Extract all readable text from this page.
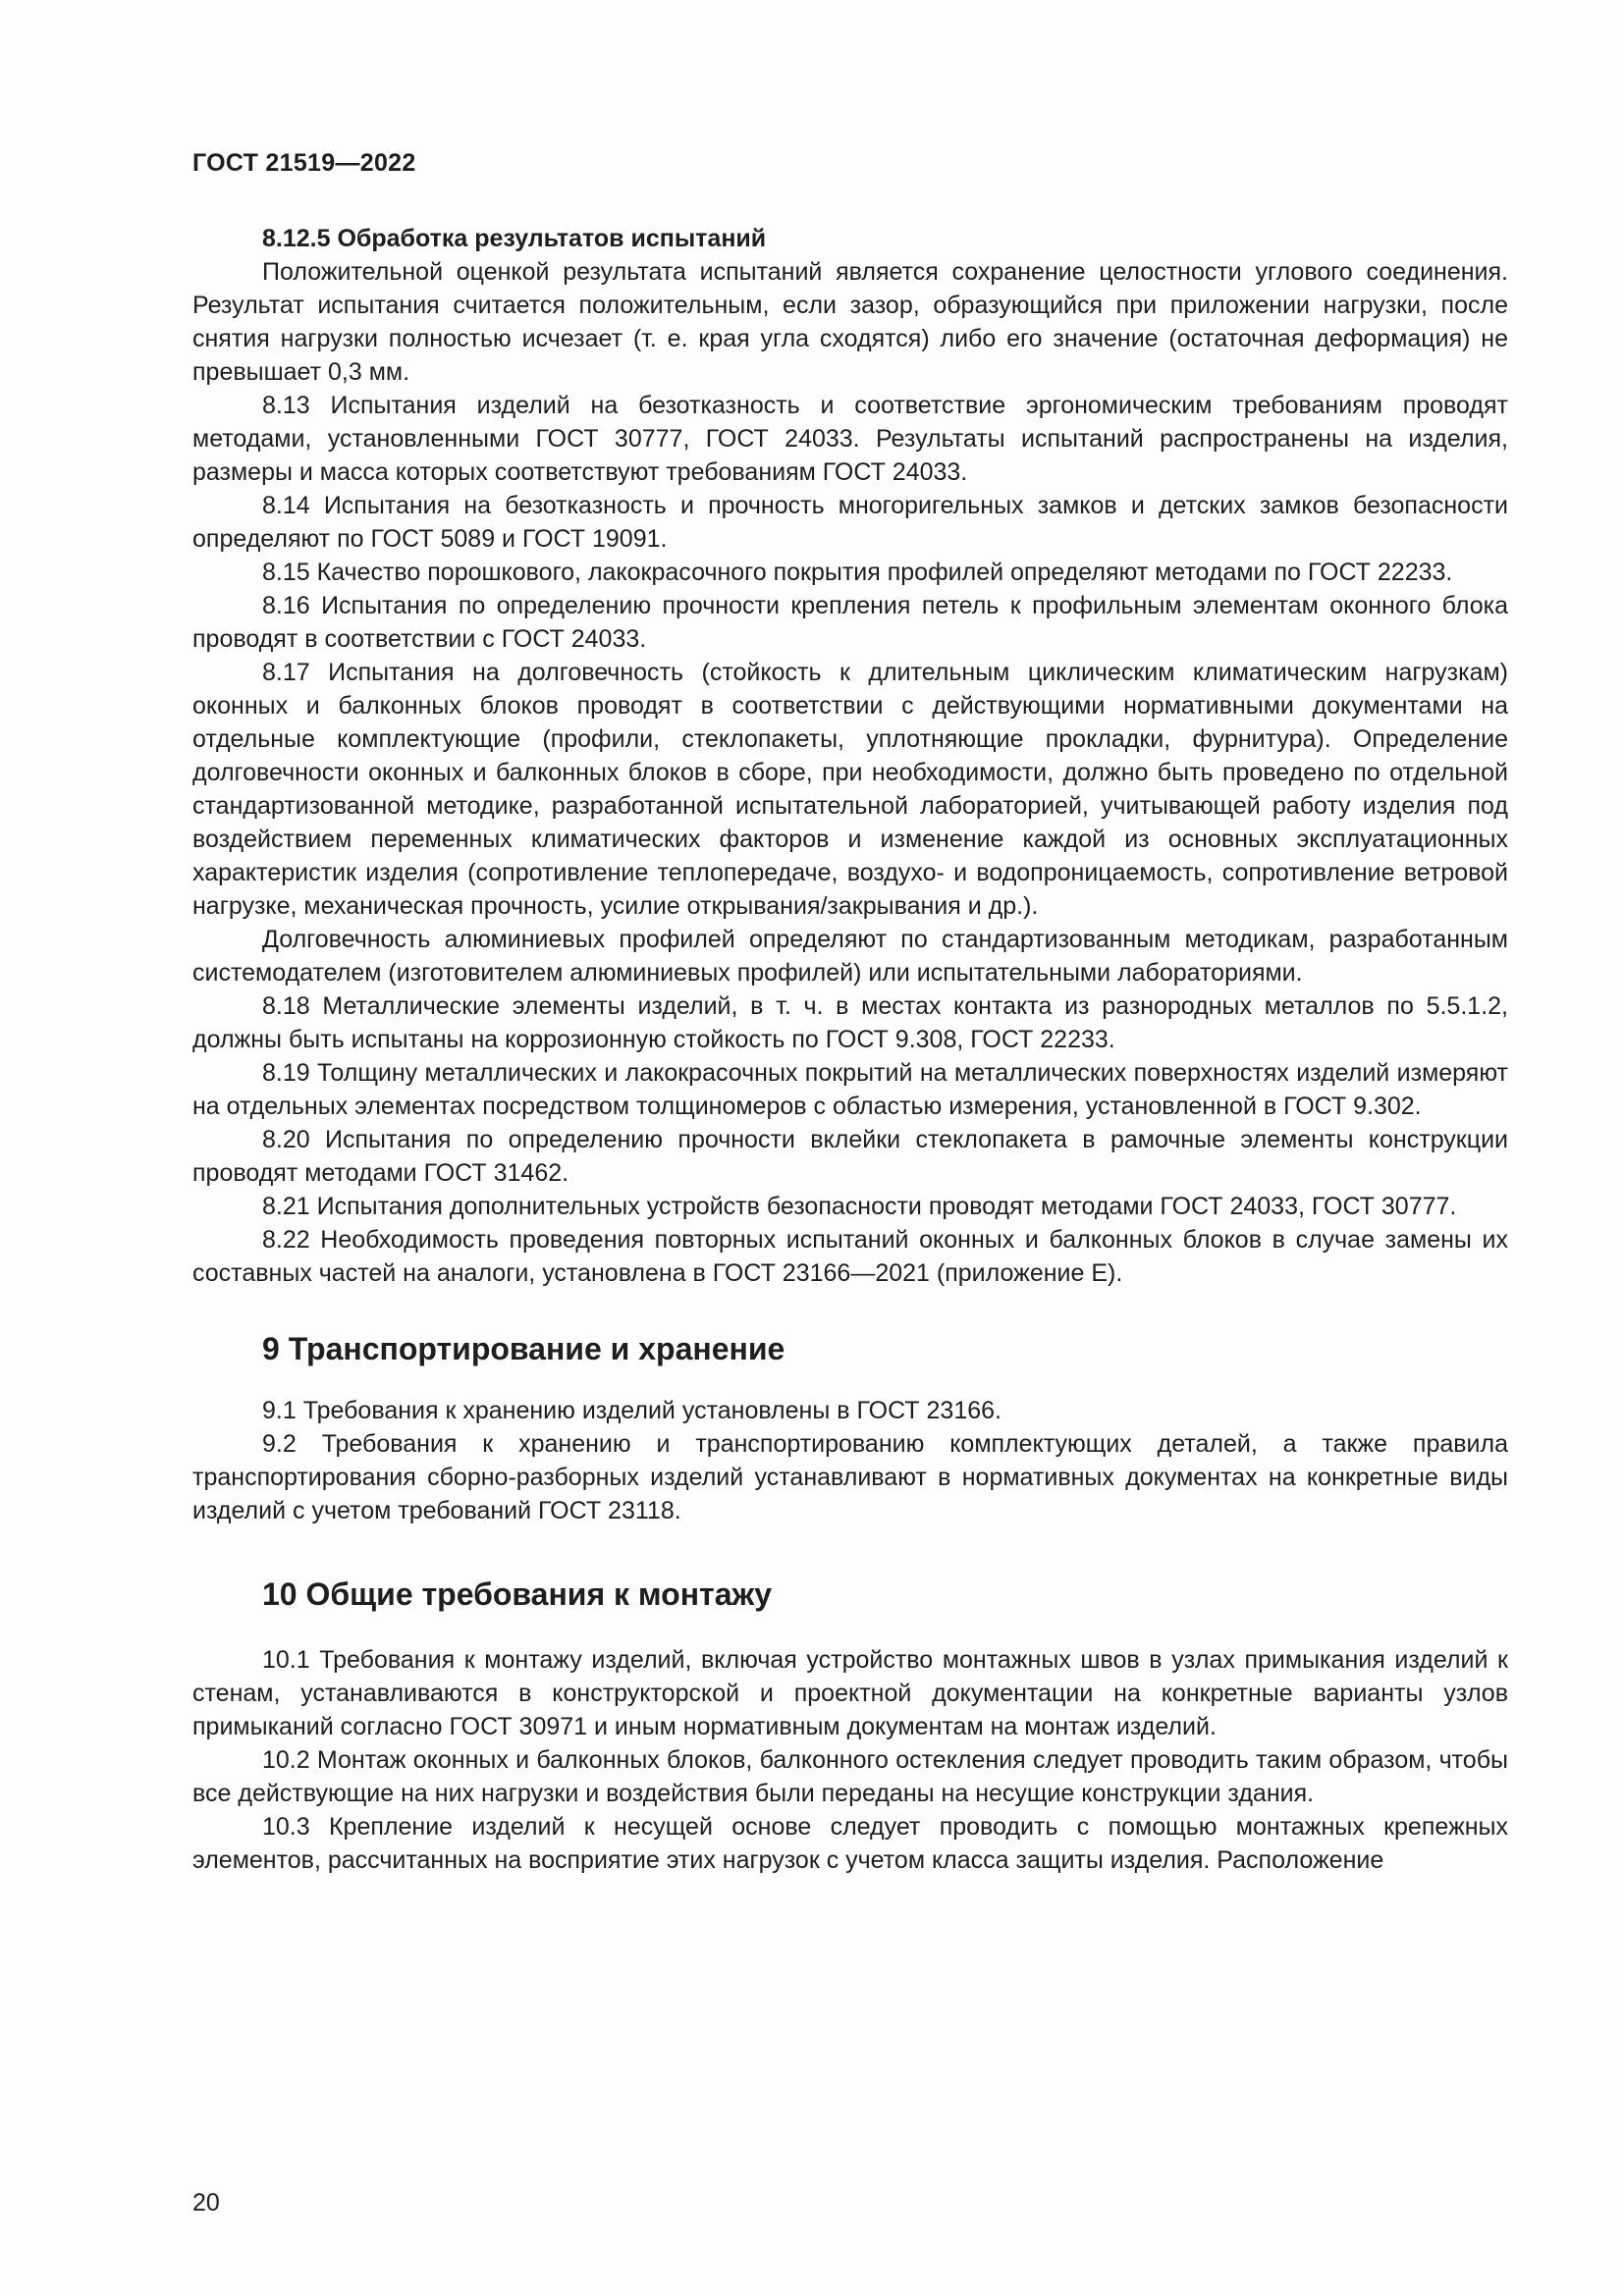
ГОСТ 21519—2022

8.12.5 Обработка результатов испытаний

Положительной оценкой результата испытаний является сохранение целостности углового соединения. Результат испытания считается положительным, если зазор, образующийся при приложении нагрузки, после снятия нагрузки полностью исчезает (т. е. края угла сходятся) либо его значение (остаточная деформация) не превышает 0,3 мм.

8.13 Испытания изделий на безотказность и соответствие эргономическим требованиям проводят методами, установленными ГОСТ 30777, ГОСТ 24033. Результаты испытаний распространены на изделия, размеры и масса которых соответствуют требованиям ГОСТ 24033.

8.14 Испытания на безотказность и прочность многоригельных замков и детских замков безопасности определяют по ГОСТ 5089 и ГОСТ 19091.

8.15 Качество порошкового, лакокрасочного покрытия профилей определяют методами по ГОСТ 22233.

8.16 Испытания по определению прочности крепления петель к профильным элементам оконного блока проводят в соответствии с ГОСТ 24033.

8.17 Испытания на долговечность (стойкость к длительным циклическим климатическим нагрузкам) оконных и балконных блоков проводят в соответствии с действующими нормативными документами на отдельные комплектующие (профили, стеклопакеты, уплотняющие прокладки, фурнитура). Определение долговечности оконных и балконных блоков в сборе, при необходимости, должно быть проведено по отдельной стандартизованной методике, разработанной испытательной лабораторией, учитывающей работу изделия под воздействием переменных климатических факторов и изменение каждой из основных эксплуатационных характеристик изделия (сопротивление теплопередаче, воздухо- и водопроницаемость, сопротивление ветровой нагрузке, механическая прочность, усилие открывания/закрывания и др.).

Долговечность алюминиевых профилей определяют по стандартизованным методикам, разработанным системодателем (изготовителем алюминиевых профилей) или испытательными лабораториями.

8.18 Металлические элементы изделий, в т. ч. в местах контакта из разнородных металлов по 5.5.1.2, должны быть испытаны на коррозионную стойкость по ГОСТ 9.308, ГОСТ 22233.

8.19 Толщину металлических и лакокрасочных покрытий на металлических поверхностях изделий измеряют на отдельных элементах посредством толщиномеров с областью измерения, установленной в ГОСТ 9.302.

8.20 Испытания по определению прочности вклейки стеклопакета в рамочные элементы конструкции проводят методами ГОСТ 31462.

8.21 Испытания дополнительных устройств безопасности проводят методами ГОСТ 24033, ГОСТ 30777.

8.22 Необходимость проведения повторных испытаний оконных и балконных блоков в случае замены их составных частей на аналоги, установлена в ГОСТ 23166—2021 (приложение Е).

9 Транспортирование и хранение

9.1 Требования к хранению изделий установлены в ГОСТ 23166.

9.2 Требования к хранению и транспортированию комплектующих деталей, а также правила транспортирования сборно-разборных изделий устанавливают в нормативных документах на конкретные виды изделий с учетом требований ГОСТ 23118.

10 Общие требования к монтажу

10.1 Требования к монтажу изделий, включая устройство монтажных швов в узлах примыкания изделий к стенам, устанавливаются в конструкторской и проектной документации на конкретные варианты узлов примыканий согласно ГОСТ 30971 и иным нормативным документам на монтаж изделий.

10.2 Монтаж оконных и балконных блоков, балконного остекления следует проводить таким образом, чтобы все действующие на них нагрузки и воздействия были переданы на несущие конструкции здания.

10.3 Крепление изделий к несущей основе следует проводить с помощью монтажных крепежных элементов, рассчитанных на восприятие этих нагрузок с учетом класса защиты изделия. Расположение

20
